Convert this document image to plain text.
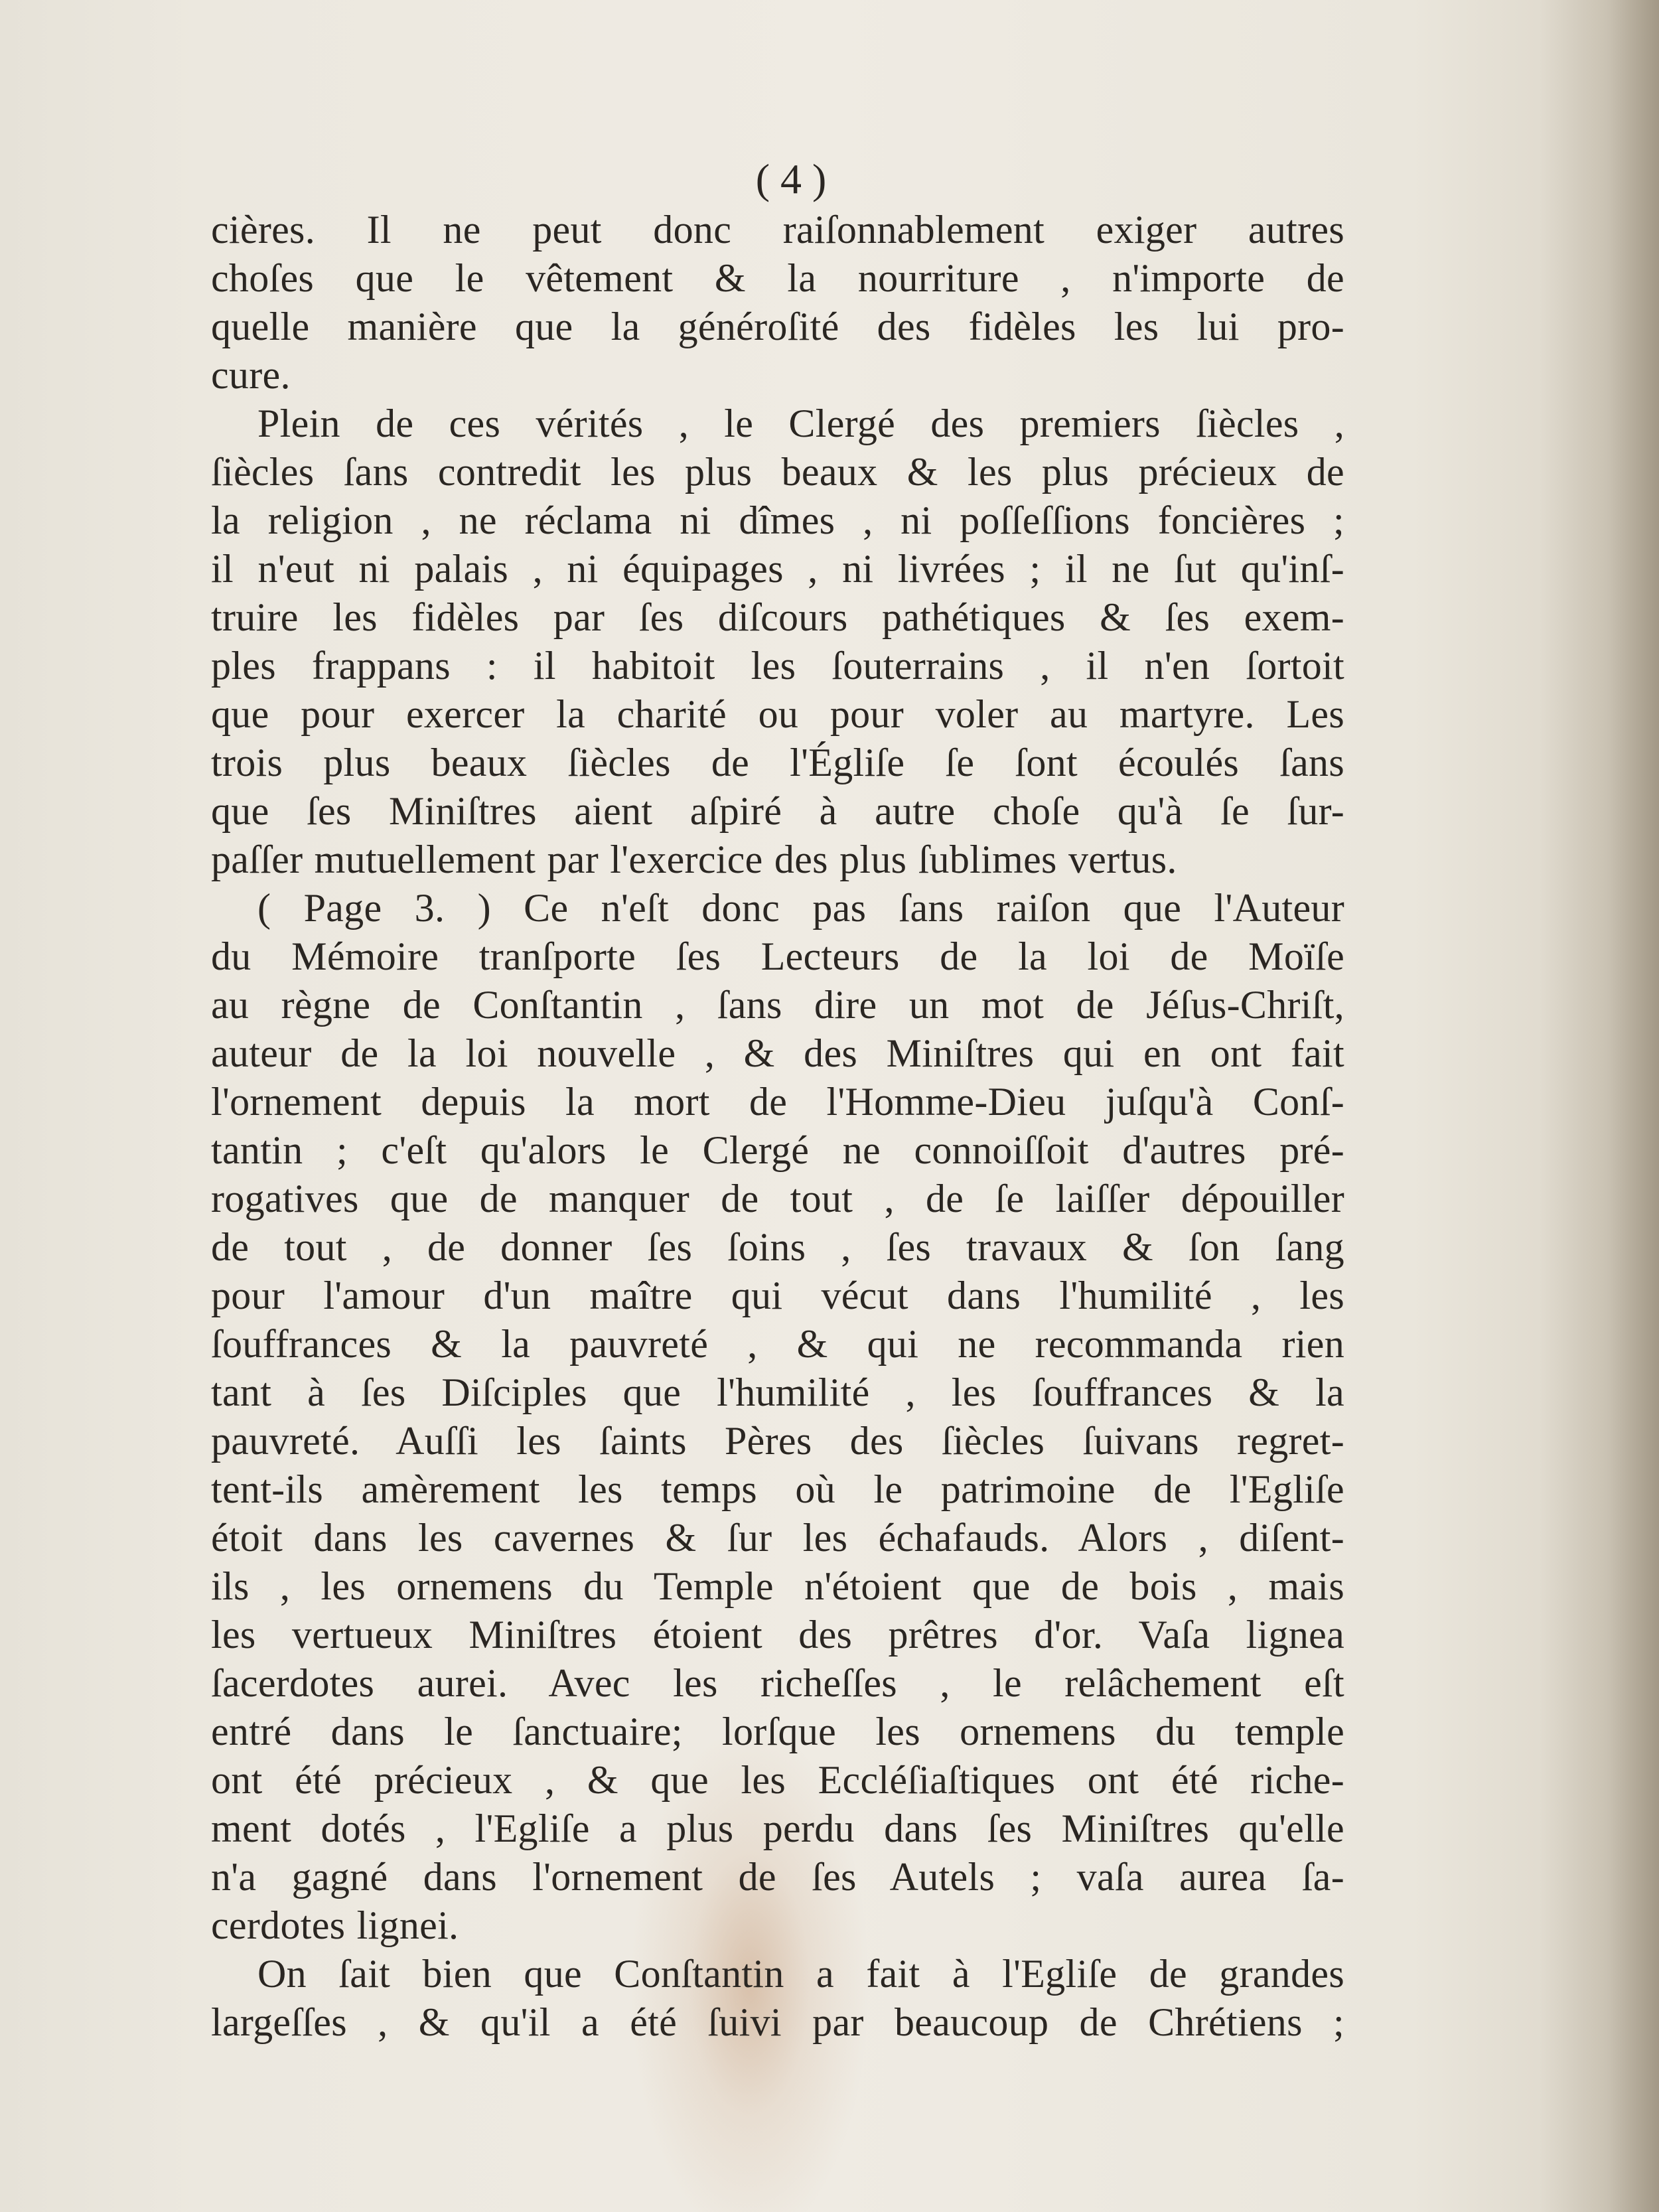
( 4 )
cières. Il ne peut donc raiſonnablement exiger autres
choſes que le vêtement & la nourriture , n'importe de
quelle manière que la généroſité des fidèles les lui pro-
cure.
Plein de ces vérités , le Clergé des premiers ſiècles ,
ſiècles ſans contredit les plus beaux & les plus précieux de
la religion , ne réclama ni dîmes , ni poſſeſſions foncières ;
il n'eut ni palais , ni équipages , ni livrées ; il ne ſut qu'inſ-
truire les fidèles par ſes diſcours pathétiques & ſes exem-
ples frappans : il habitoit les ſouterrains , il n'en ſortoit
que pour exercer la charité ou pour voler au martyre. Les
trois plus beaux ſiècles de l'Égliſe ſe ſont écoulés ſans
que ſes Miniſtres aient aſpiré à autre choſe qu'à ſe ſur-
paſſer mutuellement par l'exercice des plus ſublimes vertus.
( Page 3. ) Ce n'eſt donc pas ſans raiſon que l'Auteur
du Mémoire tranſporte ſes Lecteurs de la loi de Moïſe
au règne de Conſtantin , ſans dire un mot de Jéſus-Chriſt,
auteur de la loi nouvelle , & des Miniſtres qui en ont fait
l'ornement depuis la mort de l'Homme-Dieu juſqu'à Conſ-
tantin ; c'eſt qu'alors le Clergé ne connoiſſoit d'autres pré-
rogatives que de manquer de tout , de ſe laiſſer dépouiller
de tout , de donner ſes ſoins , ſes travaux & ſon ſang
pour l'amour d'un maître qui vécut dans l'humilité , les
ſouffrances & la pauvreté , & qui ne recommanda rien
tant à ſes Diſciples que l'humilité , les ſouffrances & la
pauvreté. Auſſi les ſaints Pères des ſiècles ſuivans regret-
tent-ils amèrement les temps où le patrimoine de l'Egliſe
étoit dans les cavernes & ſur les échafauds. Alors , diſent-
ils , les ornemens du Temple n'étoient que de bois , mais
les vertueux Miniſtres étoient des prêtres d'or. Vaſa lignea
ſacerdotes aurei. Avec les richeſſes , le relâchement eſt
entré dans le ſanctuaire; lorſque les ornemens du temple
ont été précieux , & que les Eccléſiaſtiques ont été riche-
ment dotés , l'Egliſe a plus perdu dans ſes Miniſtres qu'elle
n'a gagné dans l'ornement de ſes Autels ; vaſa aurea ſa-
cerdotes lignei.
On ſait bien que Conſtantin a fait à l'Egliſe de grandes
largeſſes , & qu'il a été ſuivi par beaucoup de Chrétiens ;
